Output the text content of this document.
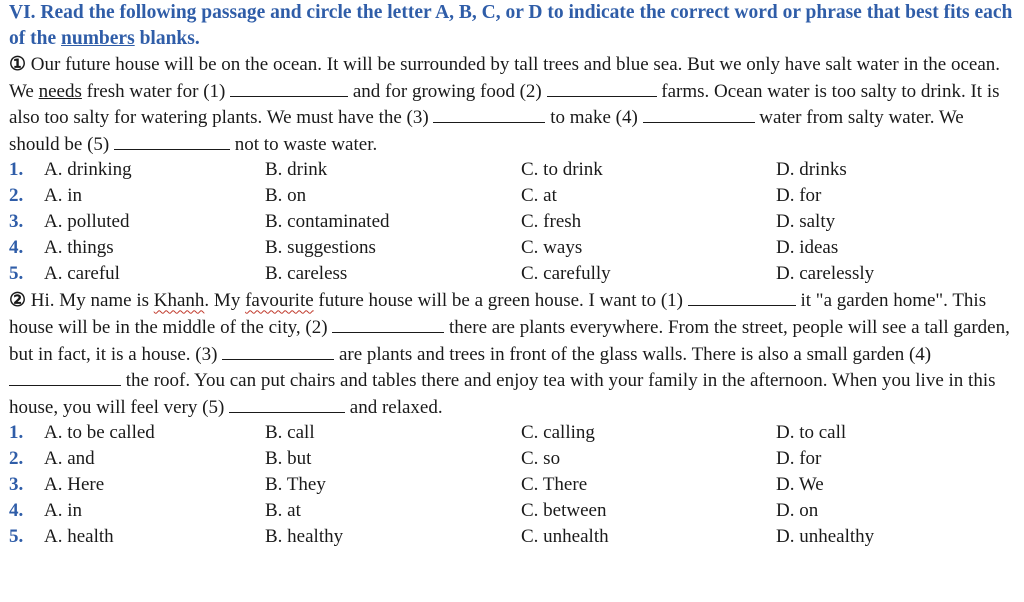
VI. Read the following passage and circle the letter A, B, C, or D to indicate the correct word or phrase that best fits each of the numbers blanks.

① Our future house will be on the ocean. It will be surrounded by tall trees and blue sea. But we only have salt water in the ocean. We needs fresh water for (1)	and for growing food (2)	farms. Ocean water is too salty to drink. It is also too salty for watering plants. We must have the (3)	to make (4)	water from salty water. We should be (5)	not to waste water.

1. A. drinking	B. drink	C. to drink	D. drinks
2. A. in	B. on	C. at	D. for
3. A. polluted	B. contaminated	C. fresh	D. salty
4. A. things	B. suggestions	C. ways	D. ideas
5. A. careful	B. careless	C. carefully	D. carelessly

② Hi. My name is Khanh. My favourite future house will be a green house. I want to (1)	it "a garden home". This house will be in the middle of the city, (2)	there are plants everywhere. From the street, people will see a tall garden, but in fact, it is a house. (3)	are plants and trees in front of the glass walls. There is also a small garden (4)  the roof. You can put chairs and tables there and enjoy tea with your family in the afternoon. When you live in this house, you will feel very (5)	and relaxed.

1. A. to be called	B. call	C. calling	D. to call
2. A. and	B. but	C. so	D. for
3. A. Here	B. They	C. There	D. We
4. A. in	B. at	C. between	D. on
5. A. health	B. healthy	C. unhealth	D. unhealthy
